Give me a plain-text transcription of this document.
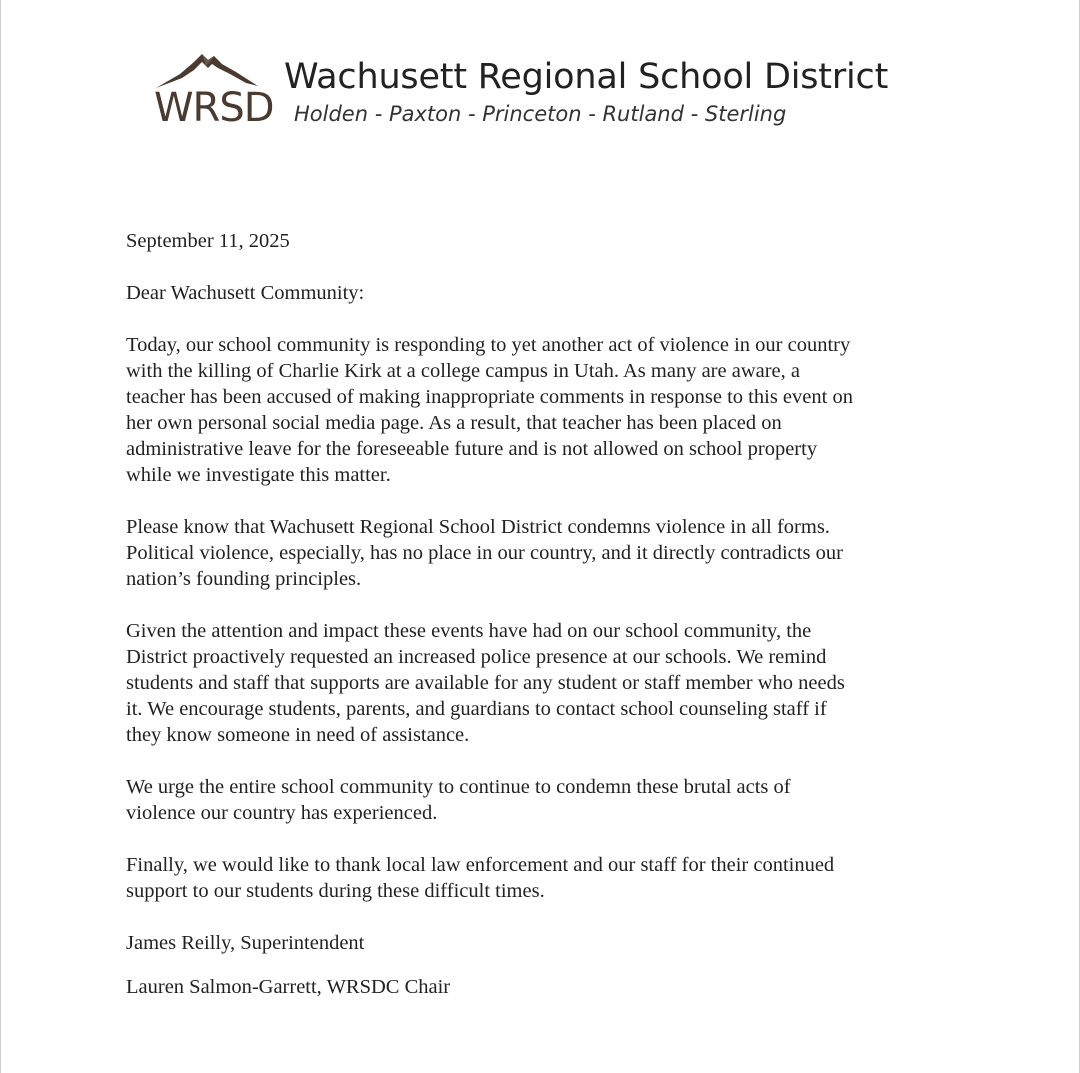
WRSD
Wachusett Regional School District
Holden - Paxton - Princeton - Rutland - Sterling

September 11, 2025

Dear Wachusett Community:

Today, our school community is responding to yet another act of violence in our country
with the killing of Charlie Kirk at a college campus in Utah. As many are aware, a
teacher has been accused of making inappropriate comments in response to this event on
her own personal social media page. As a result, that teacher has been placed on
administrative leave for the foreseeable future and is not allowed on school property
while we investigate this matter.

Please know that Wachusett Regional School District condemns violence in all forms.
Political violence, especially, has no place in our country, and it directly contradicts our
nation’s founding principles.

Given the attention and impact these events have had on our school community, the
District proactively requested an increased police presence at our schools. We remind
students and staff that supports are available for any student or staff member who needs
it. We encourage students, parents, and guardians to contact school counseling staff if
they know someone in need of assistance.

We urge the entire school community to continue to condemn these brutal acts of
violence our country has experienced.

Finally, we would like to thank local law enforcement and our staff for their continued
support to our students during these difficult times.

James Reilly, Superintendent

Lauren Salmon-Garrett, WRSDC Chair
